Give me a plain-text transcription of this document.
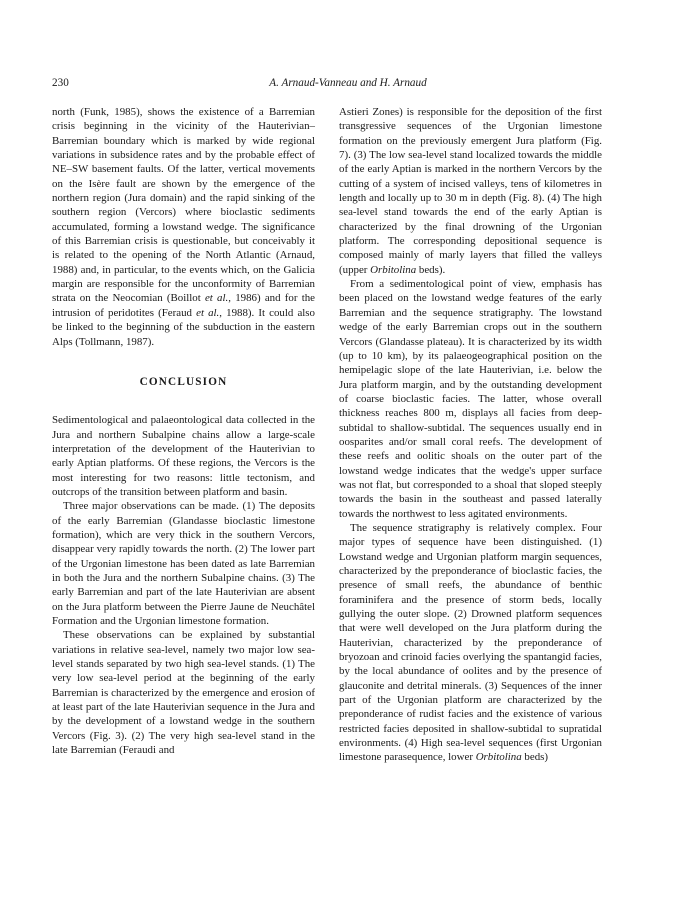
230	A. Arnaud-Vanneau and H. Arnaud

north (Funk, 1985), shows the existence of a Barremian crisis beginning in the vicinity of the Hauterivian–Barremian boundary which is marked by wide regional variations in subsidence rates and by the probable effect of NE–SW basement faults. Of the latter, vertical movements on the Isère fault are shown by the emergence of the northern region (Jura domain) and the rapid sinking of the southern region (Vercors) where bioclastic sediments accumulated, forming a lowstand wedge. The significance of this Barremian crisis is questionable, but conceivably it is related to the opening of the North Atlantic (Arnaud, 1988) and, in particular, to the events which, on the Galicia margin are responsible for the unconformity of Barremian strata on the Neocomian (Boillot et al., 1986) and for the intrusion of peridotites (Feraud et al., 1988). It could also be linked to the beginning of the subduction in the eastern Alps (Tollmann, 1987).

CONCLUSION

Sedimentological and palaeontological data collected in the Jura and northern Subalpine chains allow a large-scale interpretation of the development of the Hauterivian to early Aptian platforms. Of these regions, the Vercors is the most interesting for two reasons: little tectonism, and outcrops of the transition between platform and basin.

Three major observations can be made. (1) The deposits of the early Barremian (Glandasse bioclastic limestone formation), which are very thick in the southern Vercors, disappear very rapidly towards the north. (2) The lower part of the Urgonian limestone has been dated as late Barremian in both the Jura and the northern Subalpine chains. (3) The early Barremian and part of the late Hauterivian are absent on the Jura platform between the Pierre Jaune de Neuchâtel Formation and the Urgonian limestone formation.

These observations can be explained by substantial variations in relative sea-level, namely two major low sea-level stands separated by two high sea-level stands. (1) The very low sea-level period at the beginning of the early Barremian is characterized by the emergence and erosion of at least part of the late Hauterivian sequence in the Jura and by the development of a lowstand wedge in the southern Vercors (Fig. 3). (2) The very high sea-level stand in the late Barremian (Feraudi and

Astieri Zones) is responsible for the deposition of the first transgressive sequences of the Urgonian limestone formation on the previously emergent Jura platform (Fig. 7). (3) The low sea-level stand localized towards the middle of the early Aptian is marked in the northern Vercors by the cutting of a system of incised valleys, tens of kilometres in length and locally up to 30 m in depth (Fig. 8). (4) The high sea-level stand towards the end of the early Aptian is characterized by the final drowning of the Urgonian platform. The corresponding depositional sequence is composed mainly of marly layers that filled the valleys (upper Orbitolina beds).

From a sedimentological point of view, emphasis has been placed on the lowstand wedge features of the early Barremian and the sequence stratigraphy. The lowstand wedge of the early Barremian crops out in the southern Vercors (Glandasse plateau). It is characterized by its width (up to 10 km), by its palaeogeographical position on the hemipelagic slope of the late Hauterivian, i.e. below the Jura platform margin, and by the outstanding development of coarse bioclastic facies. The latter, whose overall thickness reaches 800 m, displays all facies from deep-subtidal to shallow-subtidal. The sequences usually end in oosparites and/or small coral reefs. The development of these reefs and oolitic shoals on the outer part of the lowstand wedge indicates that the wedge's upper surface was not flat, but corresponded to a shoal that sloped steeply towards the basin in the southeast and passed laterally towards the northwest to less agitated environments.

The sequence stratigraphy is relatively complex. Four major types of sequence have been distinguished. (1) Lowstand wedge and Urgonian platform margin sequences, characterized by the preponderance of bioclastic facies, the presence of small reefs, the abundance of benthic foraminifera and the presence of storm beds, locally gullying the outer slope. (2) Drowned platform sequences that were well developed on the Jura platform during the Hauterivian, characterized by the preponderance of bryozoan and crinoid facies overlying the spantangid facies, by the local abundance of oolites and by the presence of glauconite and detrital minerals. (3) Sequences of the inner part of the Urgonian platform are characterized by the preponderance of rudist facies and the existence of various restricted facies deposited in shallow-subtidal to supratidal environments. (4) High sea-level sequences (first Urgonian limestone parasequence, lower Orbitolina beds)
